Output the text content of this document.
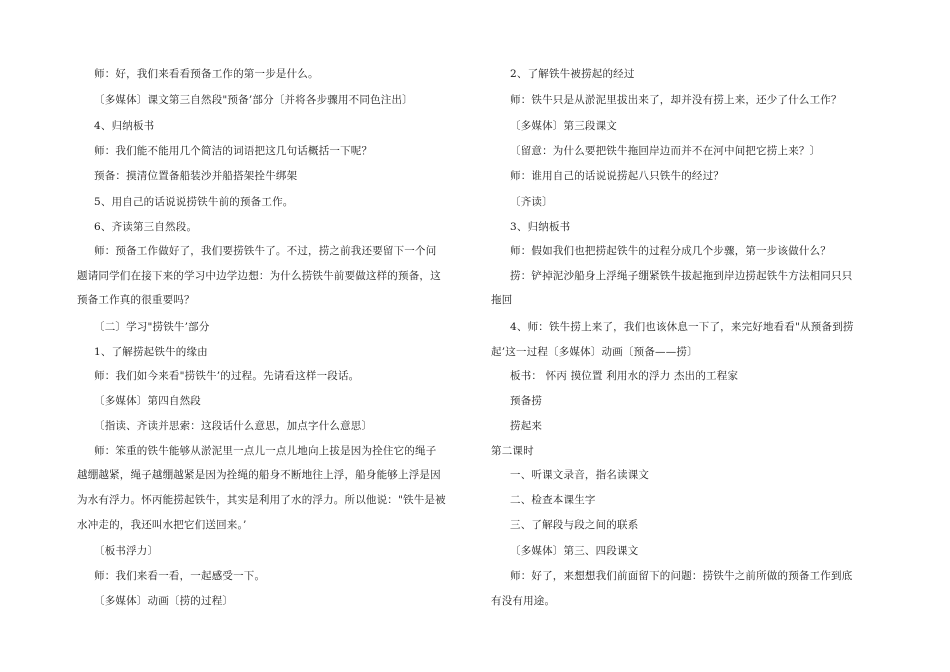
师：好，我们来看看预备工作的第一步是什么。
〔多媒体〕课文第三自然段"预备’部分〔并将各步骤用不同色注出〕
4、归纳板书
师：我们能不能用几个简洁的词语把这几句话概括一下呢？
预备：摸清位置备船装沙并船搭架拴牛绑架
5、用自己的话说说捞铁牛前的预备工作。
6、齐读第三自然段。
师：预备工作做好了，我们要捞铁牛了。不过，捞之前我还要留下一个问
题请同学们在接下来的学习中边学边想：为什么捞铁牛前要做这样的预备，这
预备工作真的很重要吗？
〔二〕学习"捞铁牛’部分
1、了解捞起铁牛的缘由
师：我们如今来看"捞铁牛’的过程。先请看这样一段话。
〔多媒体〕第四自然段
〔指读、齐读并思索：这段话什么意思，加点字什么意思〕
师：笨重的铁牛能够从淤泥里一点儿一点儿地向上拔是因为拴住它的绳子
越绷越紧，绳子越绷越紧是因为拴绳的船身不断地往上浮，船身能够上浮是因
为水有浮力。怀丙能捞起铁牛，其实是利用了水的浮力。所以他说："铁牛是被
水冲走的，我还叫水把它们送回来。’
〔板书浮力〕
师：我们来看一看，一起感受一下。
〔多媒体〕动画〔捞的过程〕
2、了解铁牛被捞起的经过
师：铁牛只是从淤泥里拔出来了，却并没有捞上来，还少了什么工作？
〔多媒体〕第三段课文
〔留意：为什么要把铁牛拖回岸边而并不在河中间把它捞上来？〕
师：谁用自己的话说说捞起八只铁牛的经过？
〔齐读〕
3、归纳板书
师：假如我们也把捞起铁牛的过程分成几个步骤，第一步该做什么？
捞：铲掉泥沙船身上浮绳子绷紧铁牛拔起拖到岸边捞起铁牛方法相同只只
拖回
4、师：铁牛捞上来了，我们也该休息一下了，来完好地看看"从预备到捞
起’这一过程〔多媒体〕动画〔预备——捞〕
板书： 怀丙 摸位置 利用水的浮力 杰出的工程家
预备捞
捞起来
第二课时
一、听课文录音，指名读课文
二、检查本课生字
三、了解段与段之间的联系
〔多媒体〕第三、四段课文
师：好了，来想想我们前面留下的问题：捞铁牛之前所做的预备工作到底
有没有用途。
